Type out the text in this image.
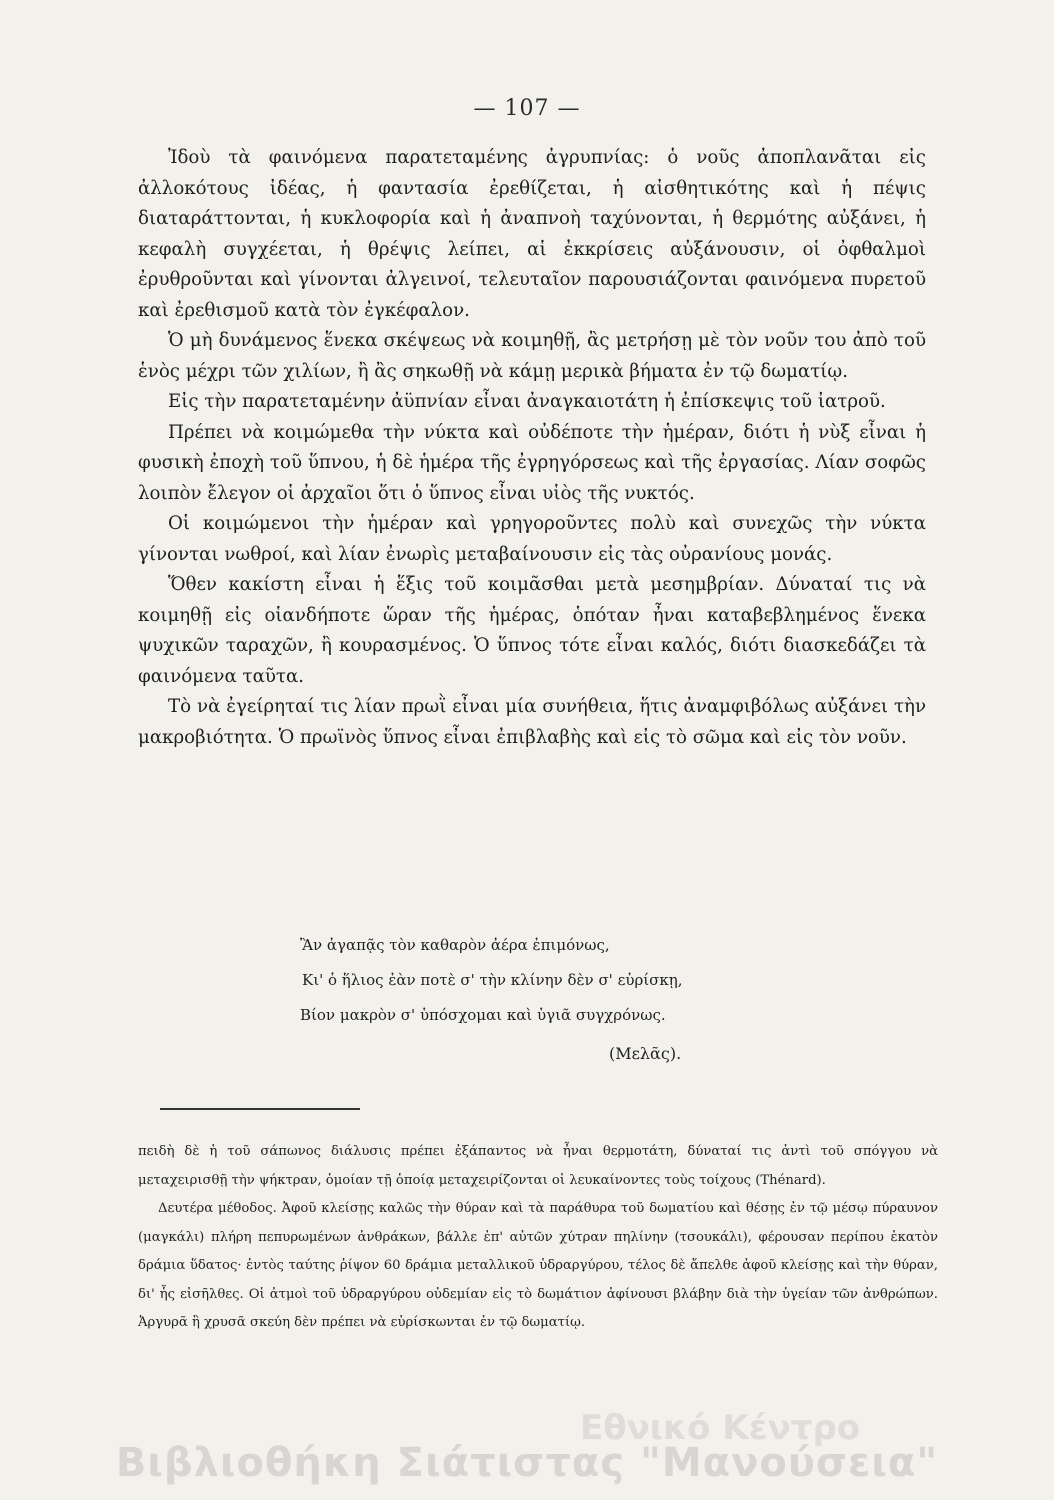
— 107 —

Ἰδοὺ τὰ φαινόμενα παρατεταμένης ἀγρυπνίας: ὁ νοῦς ἀποπλανᾶται εἰς ἀλλοκότους ἰδέας, ἡ φαντασία ἐρεθίζεται, ἡ αἰσθητικότης καὶ ἡ πέψις διαταράττονται, ἡ κυκλοφορία καὶ ἡ ἀναπνοὴ ταχύνονται, ἡ θερμότης αὐξάνει, ἡ κεφαλὴ συγχέεται, ἡ θρέψις λείπει, αἱ ἐκκρίσεις αὐξάνουσιν, οἱ ὀφθαλμοὶ ἐρυθροῦνται καὶ γίνονται ἀλγεινοί, τελευταῖον παρουσιάζονται φαινόμενα πυρετοῦ καὶ ἐρεθισμοῦ κατὰ τὸν ἐγκέφαλον.

Ὁ μὴ δυνάμενος ἕνεκα σκέψεως νὰ κοιμηθῇ, ἂς μετρήσῃ μὲ τὸν νοῦν του ἀπὸ τοῦ ἑνὸς μέχρι τῶν χιλίων, ἢ ἂς σηκωθῇ νὰ κάμῃ μερικὰ βήματα ἐν τῷ δωματίῳ.

Εἰς τὴν παρατεταμένην ἀϋπνίαν εἶναι ἀναγκαιοτάτη ἡ ἐπίσκεψις τοῦ ἰατροῦ.

Πρέπει νὰ κοιμώμεθα τὴν νύκτα καὶ οὐδέποτε τὴν ἡμέραν, διότι ἡ νὺξ εἶναι ἡ φυσικὴ ἐποχὴ τοῦ ὕπνου, ἡ δὲ ἡμέρα τῆς ἐγρηγόρσεως καὶ τῆς ἐργασίας. Λίαν σοφῶς λοιπὸν ἔλεγον οἱ ἀρχαῖοι ὅτι ὁ ὕπνος εἶναι υἱὸς τῆς νυκτός.

Οἱ κοιμώμενοι τὴν ἡμέραν καὶ γρηγοροῦντες πολὺ καὶ συνεχῶς τὴν νύκτα γίνονται νωθροί, καὶ λίαν ἐνωρὶς μεταβαίνουσιν εἰς τὰς οὐρανίους μονάς.

Ὅθεν κακίστη εἶναι ἡ ἕξις τοῦ κοιμᾶσθαι μετὰ μεσημβρίαν. Δύναταί τις νὰ κοιμηθῇ εἰς οἱανδήποτε ὥραν τῆς ἡμέρας, ὁπόταν ἦναι καταβεβλημένος ἕνεκα ψυχικῶν ταραχῶν, ἢ κουρασμένος. Ὁ ὕπνος τότε εἶναι καλός, διότι διασκεδάζει τὰ φαινόμενα ταῦτα.

Τὸ νὰ ἐγείρηταί τις λίαν πρωῒ εἶναι μία συνήθεια, ἥτις ἀναμφιβόλως αὐξάνει τὴν μακροβιότητα. Ὁ πρωϊνὸς ὕπνος εἶναι ἐπιβλαβὴς καὶ εἰς τὸ σῶμα καὶ εἰς τὸν νοῦν.

Ἂν ἀγαπᾷς τὸν καθαρὸν ἀέρα ἐπιμόνως,
Κι' ὁ ἥλιος ἐὰν ποτὲ σ' τὴν κλίνην δὲν σ' εὑρίσκῃ,
Βίον μακρὸν σ' ὑπόσχομαι καὶ ὑγιᾶ συγχρόνως.
(Μελᾶς).

πειδὴ δὲ ἡ τοῦ σάπωνος διάλυσις πρέπει ἐξάπαντος νὰ ἦναι θερμοτάτη, δύναταί τις ἀντὶ τοῦ σπόγγου νὰ μεταχειρισθῇ τὴν ψήκτραν, ὁμοίαν τῇ ὁποίᾳ μεταχειρίζονται οἱ λευκαίνοντες τοὺς τοίχους (Thénard).

Δευτέρα μέθοδος. Ἀφοῦ κλείσῃς καλῶς τὴν θύραν καὶ τὰ παράθυρα τοῦ δωματίου καὶ θέσῃς ἐν τῷ μέσῳ πύραυνον (μαγκάλι) πλήρη πεπυρωμένων ἀνθράκων, βάλλε ἐπ' αὐτῶν χύτραν πηλίνην (τσουκάλι), φέρουσαν περίπου ἑκατὸν δράμια ὕδατος· ἐντὸς ταύτης ῥίψον 60 δράμια μεταλλικοῦ ὑδραργύρου, τέλος δὲ ἄπελθε ἀφοῦ κλείσῃς καὶ τὴν θύραν, δι' ἧς εἰσῆλθες. Οἱ ἀτμοὶ τοῦ ὑδραργύρου οὐδεμίαν εἰς τὸ δωμάτιον ἀφίνουσι βλάβην διὰ τὴν ὑγείαν τῶν ἀνθρώπων. Ἀργυρᾶ ἢ χρυσᾶ σκεύη δὲν πρέπει νὰ εὑρίσκωνται ἐν τῷ δωματίῳ.

Εθνικό Κέντρο
Βιβλιοθήκη Σιάτιστας "Μανούσεια"
